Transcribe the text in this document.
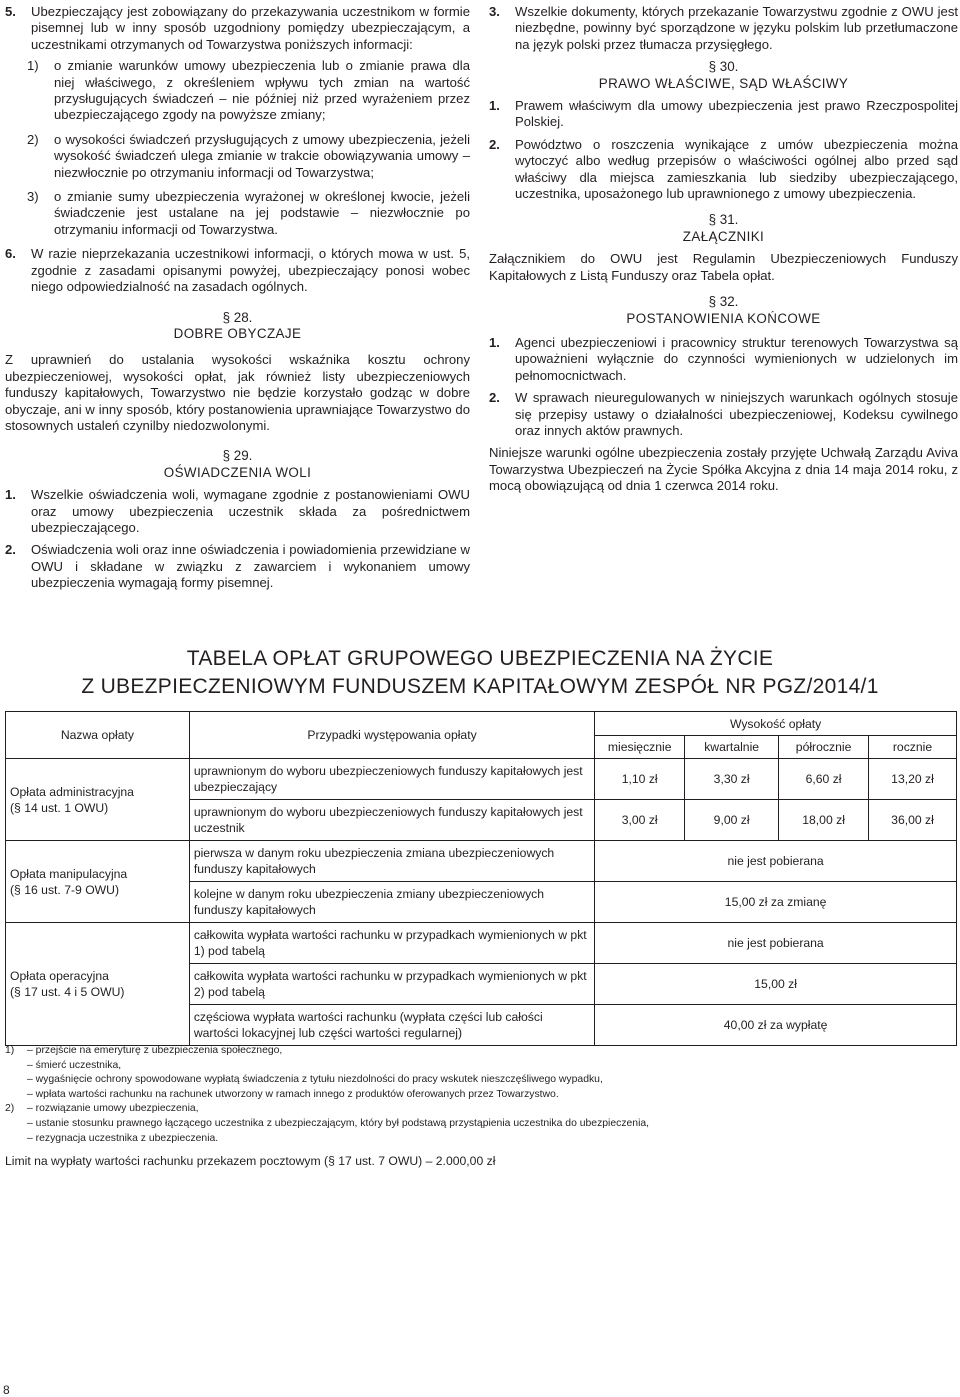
5.	Ubezpieczający jest zobowiązany do przekazywania uczestnikom w formie pisemnej lub w inny sposób uzgodniony pomiędzy ubezpieczającym, a uczestnikami otrzymanych od Towarzystwa poniższych informacji:
1)	o zmianie warunków umowy ubezpieczenia lub o zmianie prawa dla niej właściwego, z określeniem wpływu tych zmian na wartość przysługujących świadczeń – nie później niż przed wyrażeniem przez ubezpieczającego zgody na powyższe zmiany;
2)	o wysokości świadczeń przysługujących z umowy ubezpieczenia, jeżeli wysokość świadczeń ulega zmianie w trakcie obowiązywania umowy – niezwłocznie po otrzymaniu informacji od Towarzystwa;
3)	o zmianie sumy ubezpieczenia wyrażonej w określonej kwocie, jeżeli świadczenie jest ustalane na jej podstawie – niezwłocznie po otrzymaniu informacji od Towarzystwa.
6.	W razie nieprzekazania uczestnikowi informacji, o których mowa w ust. 5, zgodnie z zasadami opisanymi powyżej, ubezpieczający ponosi wobec niego odpowiedzialność na zasadach ogólnych.
§ 28.
DOBRE OBYCZAJE

Z uprawnień do ustalania wysokości wskaźnika kosztu ochrony ubezpieczeniowej, wysokości opłat, jak również listy ubezpieczeniowych funduszy kapitałowych, Towarzystwo nie będzie korzystało godząc w dobre obyczaje, ani w inny sposób, który postanowienia uprawniające Towarzystwo do stosownych ustaleń czynilby niedozwolonymi.

§ 29.
OŚWIADCZENIA WOLI
1.	Wszelkie oświadczenia woli, wymagane zgodnie z postanowieniami OWU oraz umowy ubezpieczenia uczestnik składa za pośrednictwem ubezpieczającego.
2.	Oświadczenia woli oraz inne oświadczenia i powiadomienia przewidziane w OWU i składane w związku z zawarciem i wykonaniem umowy ubezpieczenia wymagają formy pisemnej.
3.	Wszelkie dokumenty, których przekazanie Towarzystwu zgodnie z OWU jest niezbędne, powinny być sporządzone w języku polskim lub przetłumaczone na język polski przez tłumacza przysięgłego.
§ 30.
PRAWO WŁAŚCIWE, SĄD WŁAŚCIWY
1.	Prawem właściwym dla umowy ubezpieczenia jest prawo Rzeczpospolitej Polskiej.
2.	Powództwo o roszczenia wynikające z umów ubezpieczenia można wytoczyć albo według przepisów o właściwości ogólnej albo przed sąd właściwy dla miejsca zamieszkania lub siedziby ubezpieczającego, uczestnika, uposażonego lub uprawnionego z umowy ubezpieczenia.
§ 31.
ZAŁĄCZNIKI

Załącznikiem do OWU jest Regulamin Ubezpieczeniowych Funduszy Kapitałowych z Listą Funduszy oraz Tabela opłat.

§ 32.
POSTANOWIENIA KOŃCOWE
1.	Agenci ubezpieczeniowi i pracownicy struktur terenowych Towarzystwa są upoważnieni wyłącznie do czynności wymienionych w udzielonych im pełnomocnictwach.
2.	W sprawach nieuregulowanych w niniejszych warunkach ogólnych stosuje się przepisy ustawy o działalności ubezpieczeniowej, Kodeksu cywilnego oraz innych aktów prawnych.

Niniejsze warunki ogólne ubezpieczenia zostały przyjęte Uchwałą Zarządu Aviva Towarzystwa Ubezpieczeń na Życie Spółka Akcyjna z dnia 14 maja 2014 roku, z mocą obowiązującą od dnia 1 czerwca 2014 roku.

TABELA OPŁAT GRUPOWEGO UBEZPIECZENIA NA ŻYCIE
Z UBEZPIECZENIOWYM FUNDUSZEM KAPITAŁOWYM ZESPÓŁ NR PGZ/2014/1
Nazwa opłaty	Przypadki występowania opłaty	Wysokość opłaty			
		miesięcznie	kwartalnie	półrocznie	rocznie
Opłata administracyjna
(§ 14 ust. 1 OWU)	uprawnionym do wyboru ubezpieczeniowych funduszy kapitałowych jest ubezpieczający	1,10 zł	3,30 zł	6,60 zł	13,20 zł
	uprawnionym do wyboru ubezpieczeniowych funduszy kapitałowych jest uczestnik	3,00 zł	9,00 zł	18,00 zł	36,00 zł
Opłata manipulacyjna
(§ 16 ust. 7-9 OWU)	pierwsza w danym roku ubezpieczenia zmiana ubezpieczeniowych funduszy kapitałowych	nie jest pobierana			
	kolejne w danym roku ubezpieczenia zmiany ubezpieczeniowych funduszy kapitałowych	15,00 zł za zmianę			
Opłata operacyjna
(§ 17 ust. 4 i 5 OWU)	całkowita wypłata wartości rachunku w przypadkach wymienionych w pkt 1) pod tabelą	nie jest pobierana			
	całkowita wypłata wartości rachunku w przypadkach wymienionych w pkt 2) pod tabelą	15,00 zł			
	częściowa wypłata wartości rachunku (wypłata części lub całości wartości lokacyjnej lub części wartości regularnej)	40,00 zł za wypłatę			
1)	– przejście na emeryturę z ubezpieczenia społecznego,
– śmierć uczestnika,
– wygaśnięcie ochrony spowodowane wypłatą świadczenia z tytułu niezdolności do pracy wskutek nieszczęśliwego wypadku,
– wpłata wartości rachunku na rachunek utworzony w ramach innego z produktów oferowanych przez Towarzystwo.
2)	– rozwiązanie umowy ubezpieczenia,
– ustanie stosunku prawnego łączącego uczestnika z ubezpieczającym, który był podstawą przystąpienia uczestnika do ubezpieczenia,
– rezygnacja uczestnika z ubezpieczenia.
Limit na wypłaty wartości rachunku przekazem pocztowym (§ 17 ust. 7 OWU) – 2.000,00 zł
8
